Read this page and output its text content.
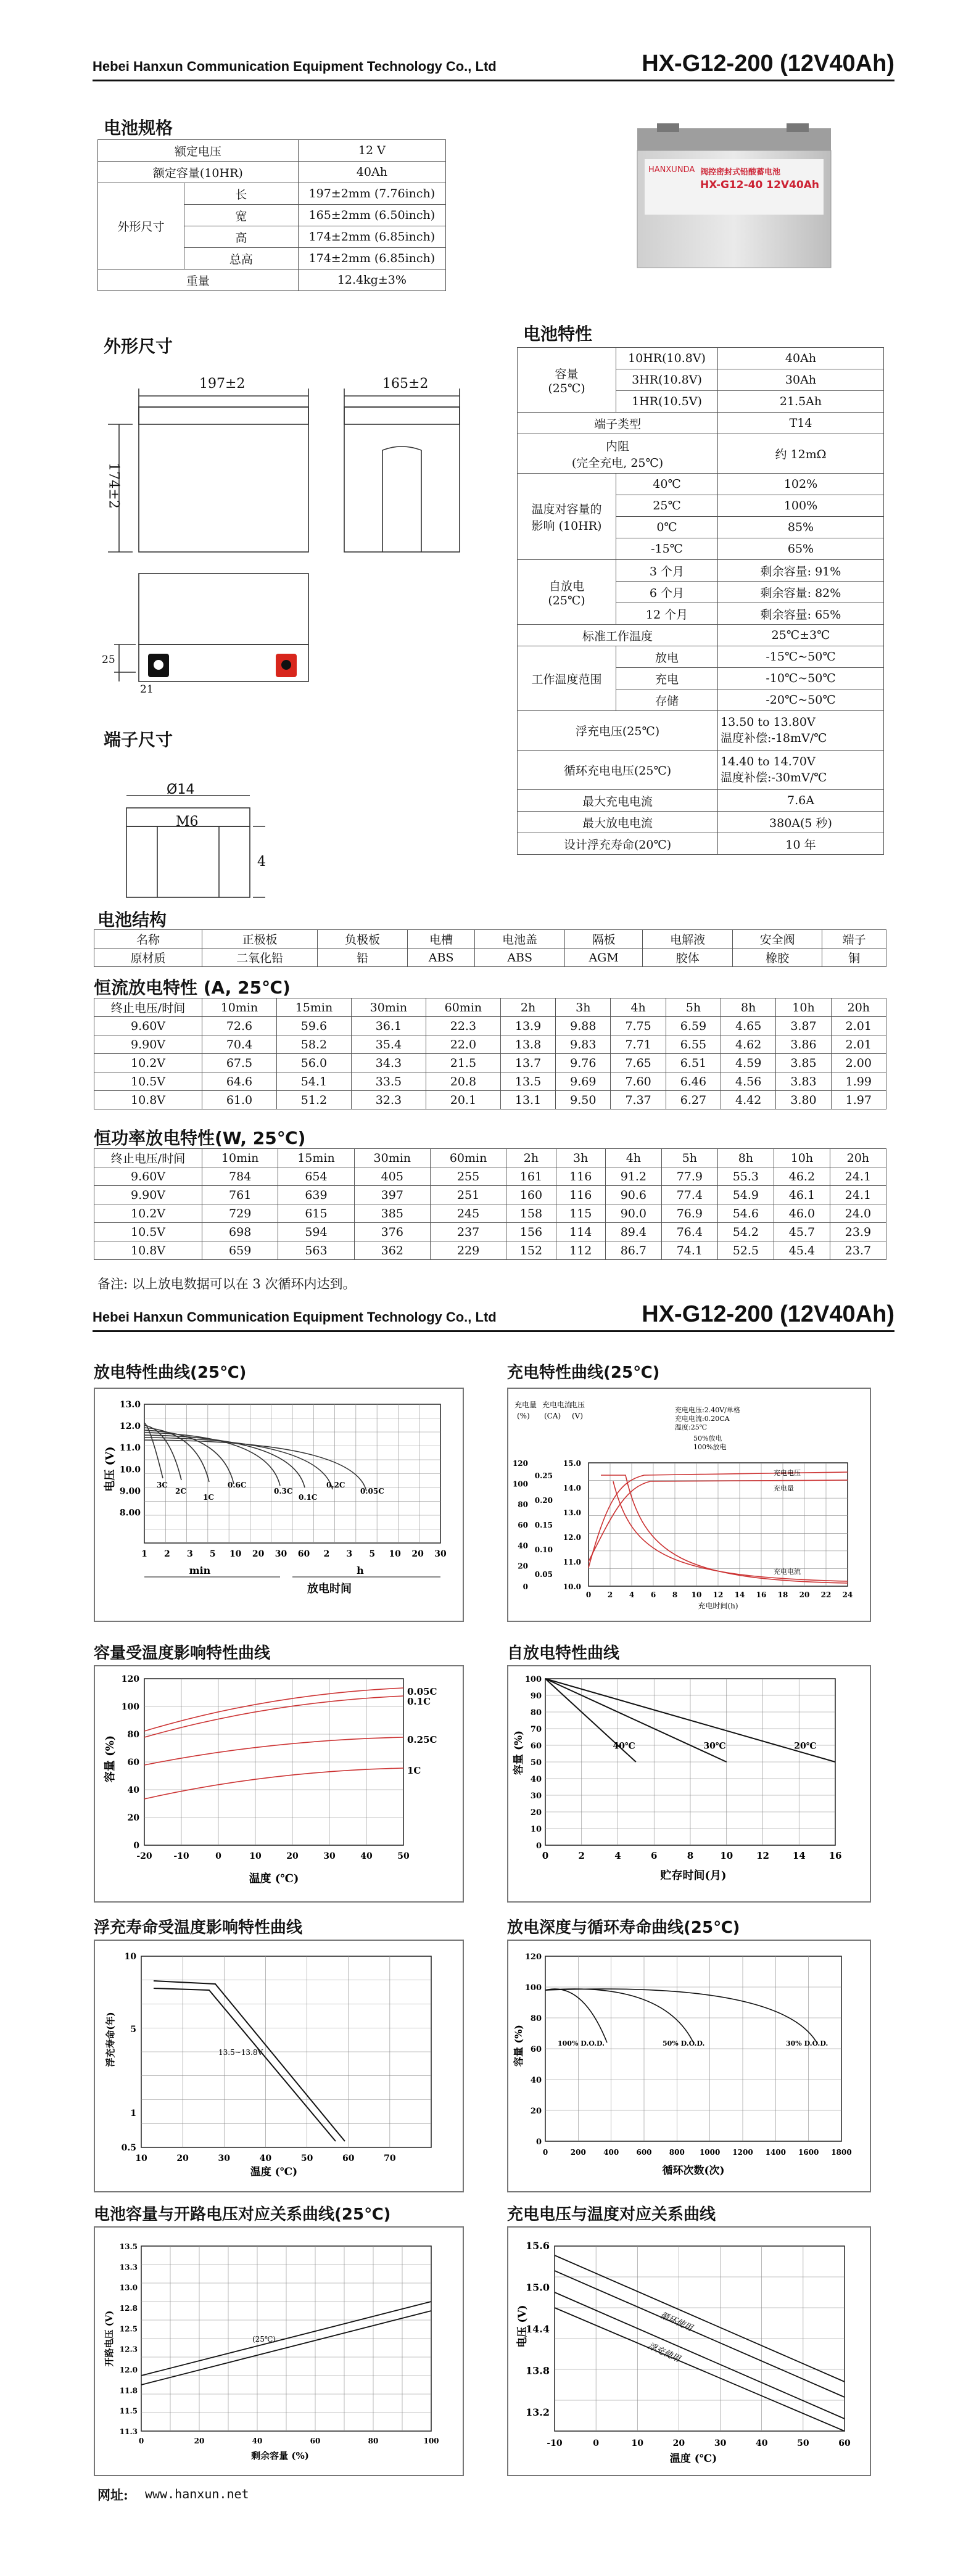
Hebei Hanxun Communication Equipment Technology Co., Ltd	HX-G12-200 (12V40Ah)
电池规格
额定电压		12 V
额定容量(10HR)		40Ah
外形尺寸	长	197±2mm (7.76inch)
	宽	165±2mm (6.50inch)
	高	174±2mm (6.85inch)
	总高	174±2mm (6.85inch)
重量		12.4kg±3%
HANXUNDA 阀控密封式铅酸蓄电池
HX-G12-40 12V40Ah
外形尺寸
197±2	165±2
174±2
25
21
端子尺寸
Ø14
M6
4
电池特性
容量
(25℃)	10HR(10.8V)	40Ah
	3HR(10.8V)	30Ah
	1HR(10.5V)	21.5Ah
端子类型		T14
内阻
(完全充电, 25℃)		约 12mΩ
温度对容量的
影响 (10HR)	40℃	102%
	25℃	100%
	0℃	85%
	-15℃	65%
自放电
(25℃)	3 个月	剩余容量: 91%
	6 个月	剩余容量: 82%
	12 个月	剩余容量: 65%
标准工作温度		25℃±3℃
工作温度范围	放电	-15℃~50℃
	充电	-10℃~50℃
	存储	-20℃~50℃
浮充电压(25℃)		13.50 to 13.80V
温度补偿:-18mV/℃

循环充电电压(25℃)		14.40 to 14.70V
温度补偿:-30mV/℃

最大充电电流		7.6A
最大放电电流		380A(5 秒)
设计浮充寿命(20℃)		10 年
电池结构
名称	正极板	负极板	电槽	电池盖	隔板	电解液	安全阀	端子
原材质	二氧化铅	铅	ABS	ABS	AGM	胶体	橡胶	铜
恒流放电特性 (A, 25℃)
终止电压/时间	10min	15min	30min	60min	2h	3h	4h	5h	8h	10h	20h
9.60V	72.6	59.6	36.1	22.3	13.9	9.88	7.75	6.59	4.65	3.87	2.01
9.90V	70.4	58.2	35.4	22.0	13.8	9.83	7.71	6.55	4.62	3.86	2.01
10.2V	67.5	56.0	34.3	21.5	13.7	9.76	7.65	6.51	4.59	3.85	2.00
10.5V	64.6	54.1	33.5	20.8	13.5	9.69	7.60	6.46	4.56	3.83	1.99
10.8V	61.0	51.2	32.3	20.1	13.1	9.50	7.37	6.27	4.42	3.80	1.97
恒功率放电特性(W, 25℃)
终止电压/时间	10min	15min	30min	60min	2h	3h	4h	5h	8h	10h	20h
9.60V	784	654	405	255	161	116	91.2	77.9	55.3	46.2	24.1
9.90V	761	639	397	251	160	116	90.6	77.4	54.9	46.1	24.1
10.2V	729	615	385	245	158	115	90.0	76.9	54.6	46.0	24.0
10.5V	698	594	376	237	156	114	89.4	76.4	54.2	45.7	23.9
10.8V	659	563	362	229	152	112	86.7	74.1	52.5	45.4	23.7
备注: 以上放电数据可以在 3 次循环内达到。
Hebei Hanxun Communication Equipment Technology Co., Ltd	HX-G12-200 (12V40Ah)
放电特性曲线(25℃)	充电特性曲线(25℃)
容量受温度影响特性曲线	自放电特性曲线
浮充寿命受温度影响特性曲线	放电深度与循环寿命曲线(25℃)
电池容量与开路电压对应关系曲线(25℃)	充电电压与温度对应关系曲线
13.0
12.0
11.0
10.0
9.00
8.00
1 2 3 5 10 20 30 60 2 3 5 10 20 30
电压 (V)
min	h
放电时间
3C
2C
1C
0.6C
0.3C
0.1C
0.2C
0.05C
0 2 4 6 8 10 12 14 16 18 20 22 24
120
100
80
60
40
20
0
0.25
0.20
0.15
0.10
0.05
15.0
14.0
13.0
12.0
11.0
10.0
充电量 充电电流
电压
(%) (CA) (V)
充电电压:2.40V/单格
充电电流:0.20CA
温度:25℃
50%放电
100%放电
充电时间(h)
充电电压
充电量
充电电流
120
100
80
60
40
20
0
-20 -10	0	10	20	30	40	50
容量 (%)
温度 (℃)
0.05C
0.1C
0.25C
1C
100
90
80
70
60
50
40
30
20
10
0
0	2	4	6	8	10	12	14	16
容量 (%)
贮存时间(月)
40℃	30℃	20℃
10
5
1
0.5
10	20	30	40	50	60	70
浮充寿命(年)
温度 (℃)
13.5~13.8V
120
100
80
60
40
20
0
0	200 400 600 800 1000 1200 1400 1600 1800
容量 (%)
循环次数(次)
100% D.O.D.	50% D.O.D.	30% D.O.D.
13.5
13.3
13.0
12.8
12.5
12.3
12.0
11.8
11.5
11.3
0	20	40	60	80	100
开路电压 (V)
剩余容量 (%)
(25℃)
15.6
15.0
14.4
13.8
13.2
-10	0	10	20	30	40	50	60
电压 (V)
温度 (℃)
循环使用
浮充使用
网址: www.hanxun.net
